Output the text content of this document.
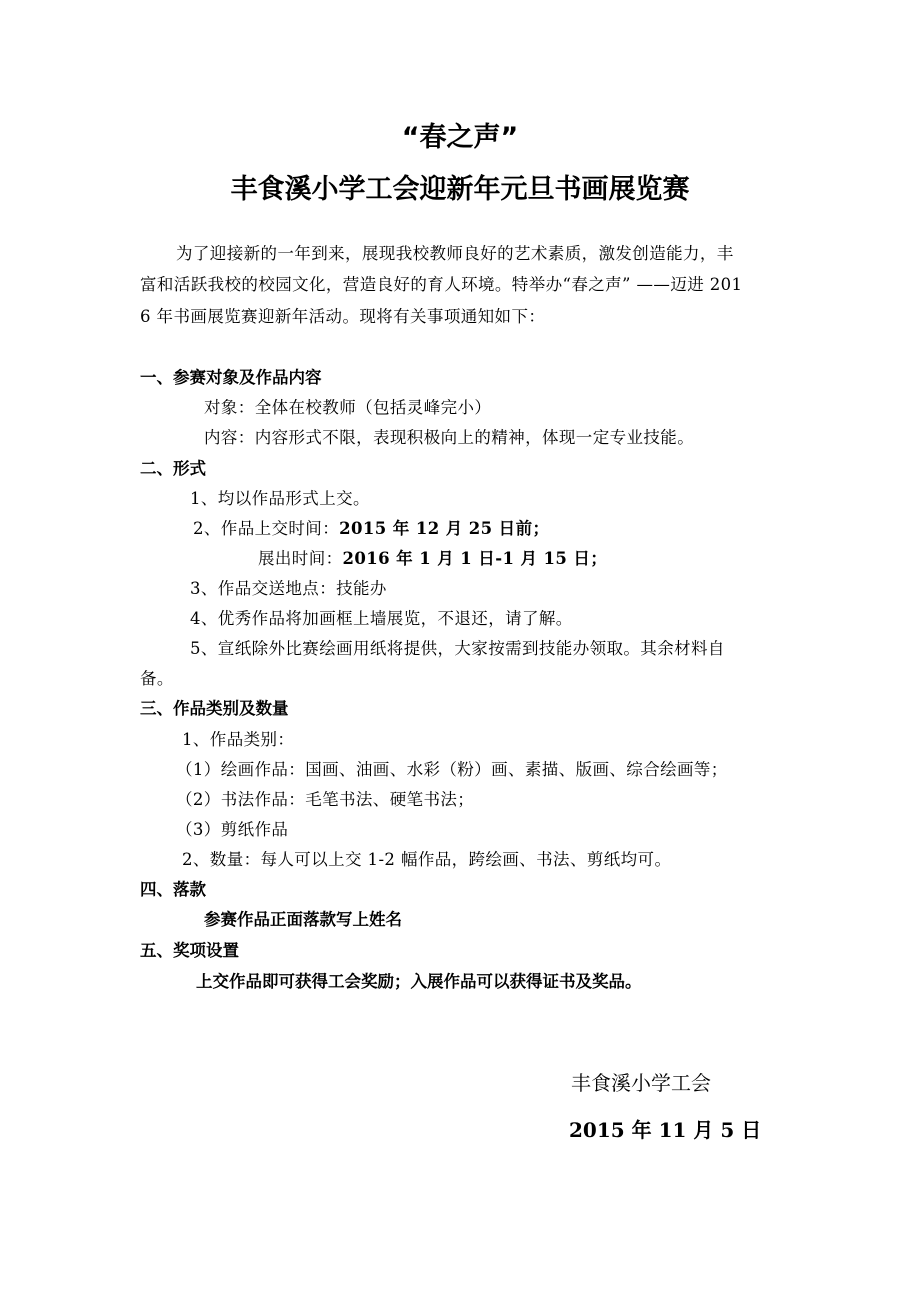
“春之声”
丰食溪小学工会迎新年元旦书画展览赛
为了迎接新的一年到来，展现我校教师良好的艺术素质，激发创造能力，丰
富和活跃我校的校园文化，营造良好的育人环境。特举办“春之声” ——迈进 201
6 年书画展览赛迎新年活动。现将有关事项通知如下：
一、参赛对象及作品内容
对象：全体在校教师（包括灵峰完小）
内容：内容形式不限，表现积极向上的精神，体现一定专业技能。
二、形式
1、均以作品形式上交。
2、作品上交时间：2015 年 12 月 25 日前；
展出时间：2016 年 1 月 1 日-1 月 15 日；
3、作品交送地点：技能办
4、优秀作品将加画框上墙展览，不退还，请了解。
5、宣纸除外比赛绘画用纸将提供，大家按需到技能办领取。其余材料自
备。
三、作品类别及数量
1、作品类别：
（1）绘画作品：国画、油画、水彩（粉）画、素描、版画、综合绘画等；
（2）书法作品：毛笔书法、硬笔书法；
（3）剪纸作品
2、数量：每人可以上交 1-2 幅作品，跨绘画、书法、剪纸均可。
四、落款
参赛作品正面落款写上姓名
五、奖项设置
上交作品即可获得工会奖励；入展作品可以获得证书及奖品。
丰食溪小学工会
2015 年 11 月 5 日
